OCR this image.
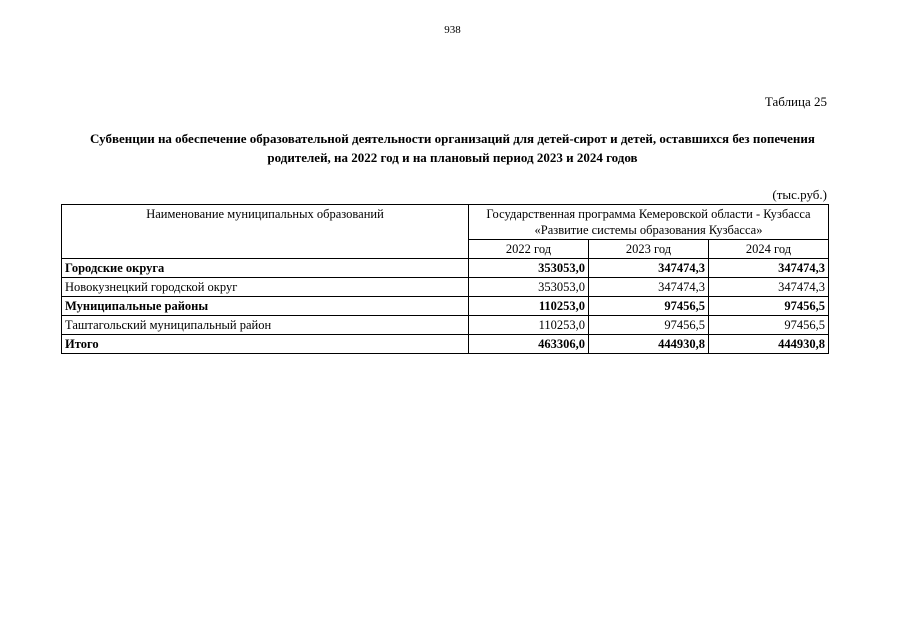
938
Таблица 25
Субвенции на обеспечение образовательной деятельности организаций для детей-сирот и детей, оставшихся без попечения родителей, на 2022 год и на плановый период 2023 и 2024 годов
(тыс.руб.)
Наименование муниципальных образований	Государственная программа Кемеровской области - Кузбасса «Развитие системы образования Кузбасса»		
	2022 год	2023 год	2024 год
Городские округа	353053,0	347474,3	347474,3
Новокузнецкий городской округ	353053,0	347474,3	347474,3
Муниципальные районы	110253,0	97456,5	97456,5
Таштагольский муниципальный район	110253,0	97456,5	97456,5
Итого	463306,0	444930,8	444930,8
